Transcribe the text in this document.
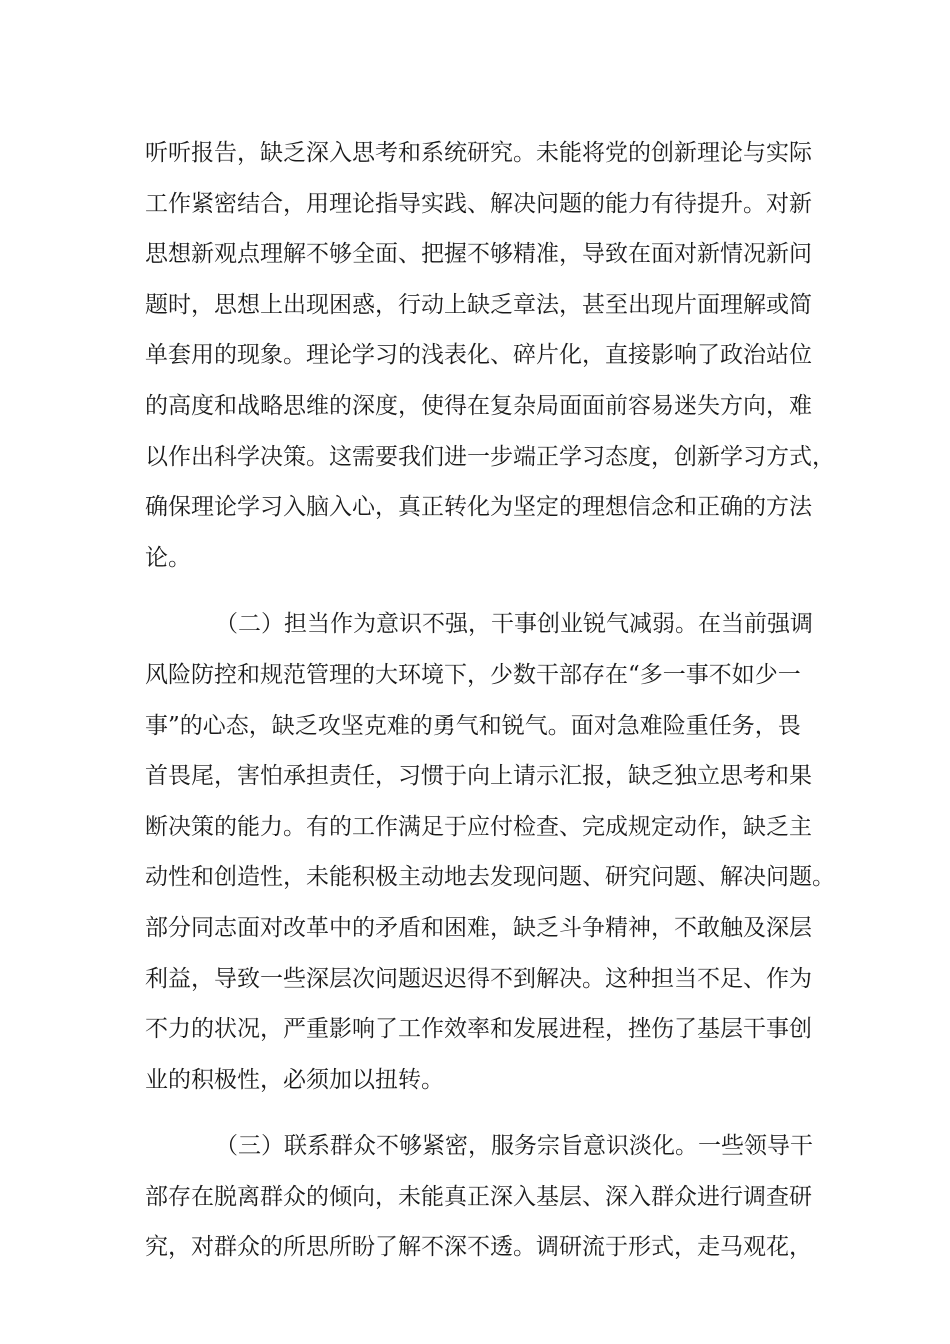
听听报告，缺乏深入思考和系统研究。未能将党的创新理论与实际
工作紧密结合，用理论指导实践、解决问题的能力有待提升。对新
思想新观点理解不够全面、把握不够精准，导致在面对新情况新问
题时，思想上出现困惑，行动上缺乏章法，甚至出现片面理解或简
单套用的现象。理论学习的浅表化、碎片化，直接影响了政治站位
的高度和战略思维的深度，使得在复杂局面面前容易迷失方向，难
以作出科学决策。这需要我们进一步端正学习态度，创新学习方式，
确保理论学习入脑入心，真正转化为坚定的理想信念和正确的方法
论。
（二）担当作为意识不强，干事创业锐气减弱。在当前强调
风险防控和规范管理的大环境下，少数干部存在“多一事不如少一
事”的心态，缺乏攻坚克难的勇气和锐气。面对急难险重任务，畏
首畏尾，害怕承担责任，习惯于向上请示汇报，缺乏独立思考和果
断决策的能力。有的工作满足于应付检查、完成规定动作，缺乏主
动性和创造性，未能积极主动地去发现问题、研究问题、解决问题。
部分同志面对改革中的矛盾和困难，缺乏斗争精神，不敢触及深层
利益，导致一些深层次问题迟迟得不到解决。这种担当不足、作为
不力的状况，严重影响了工作效率和发展进程，挫伤了基层干事创
业的积极性，必须加以扭转。
（三）联系群众不够紧密，服务宗旨意识淡化。一些领导干
部存在脱离群众的倾向，未能真正深入基层、深入群众进行调查研
究，对群众的所思所盼了解不深不透。调研流于形式，走马观花，
